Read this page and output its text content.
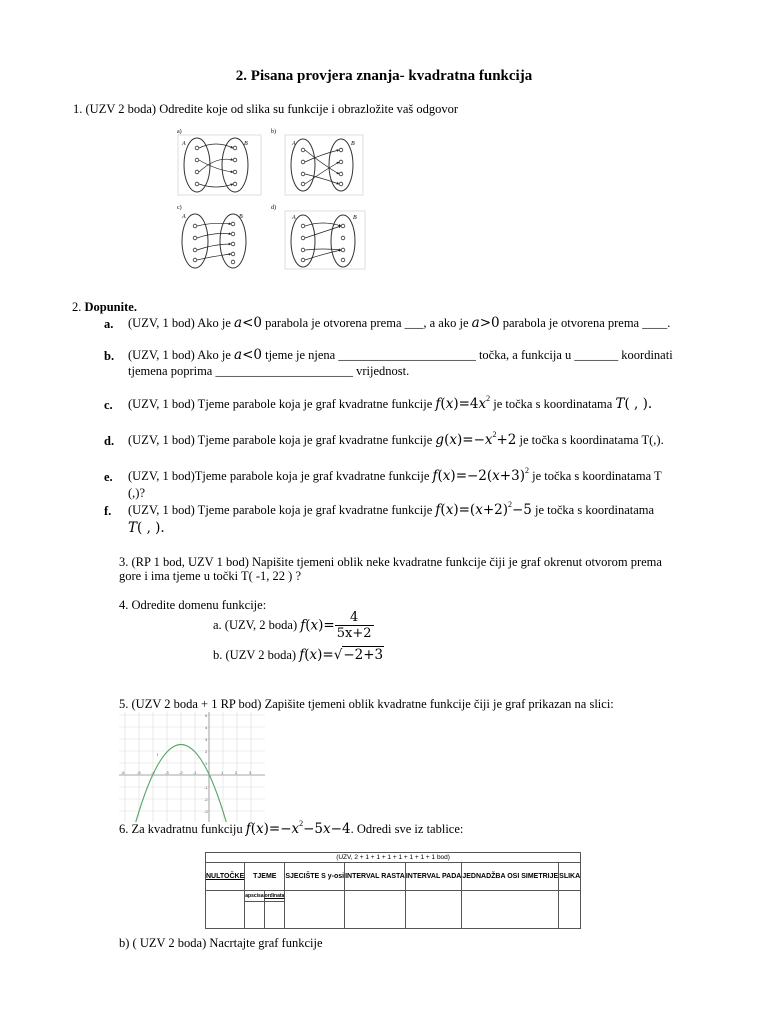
2. Pisana provjera znanja- kvadratna funkcija
1. (UZV 2 boda) Odredite koje od slika su funkcije i obrazložite vaš odgovor
a)
A	B
b)
A	B
c)
A	B
d)
A	B
2. Dopunite.
a. (UZV, 1 bod) Ako je a<0 parabola je otvorena prema ___, a ako je a>0 parabola je otvorena prema ____.
b. (UZV, 1 bod) Ako je a<0 tjeme je njena ______________________ točka, a funkcija u _______ koordinati
tjemena poprima ______________________ vrijednost.
c. (UZV, 1 bod) Tjeme parabole koja je graf kvadratne funkcije $f(x)=4x^2$ je točka s koordinatama T( , ).
d. (UZV, 1 bod) Tjeme parabole koja je graf kvadratne funkcije $g(x)=-x^2+2$ je točka s koordinatama T(,).
e. (UZV, 1 bod)Tjeme parabole koja je graf kvadratne funkcije $f(x)=-2(x+3)^2$ je točka s koordinatama T
(,)?
f. (UZV, 1 bod) Tjeme parabole koja je graf kvadratne funkcije $f(x)=(x+2)^2-5$ je točka s koordinatama
T( , ).
3. (RP 1 bod, UZV 1 bod) Napišite tjemeni oblik neke kvadratne funkcije čiji je graf okrenut otvorom prema
gore i ima tjeme u točki T( -1, 22 ) ?
4. Odredite domenu funkcije:
a. (UZV, 2 boda) $f(x)= \frac{4}{5x+2}$
b. (UZV 2 boda) f(x)=√−2+3
5. (UZV 2 boda + 1 RP bod) Zapišite tjemeni oblik kvadratne funkcije čiji je graf prikazan na slici:
-6	-5	-4	-3	-2	-1	1	2	3
5
4
3
2
1
-1
-2
-3
f
6. Za kvadratnu funkciju $f(x)=-x^2-5x-4$. Odredi sve iz tablice:
(UZV, 2 + 1 + 1 + 1 + 1 + 1 + 1 + 1 bod)							
NULTOČKE	TJEME		SJECIŠTE S y-osi	INTERVAL RASTA	INTERVAL PADA	JEDNADŽBA OSI SIMETRIJE	SLIKA
	apscisa	ordinata					

b) ( UZV 2 boda) Nacrtajte graf funkcije
